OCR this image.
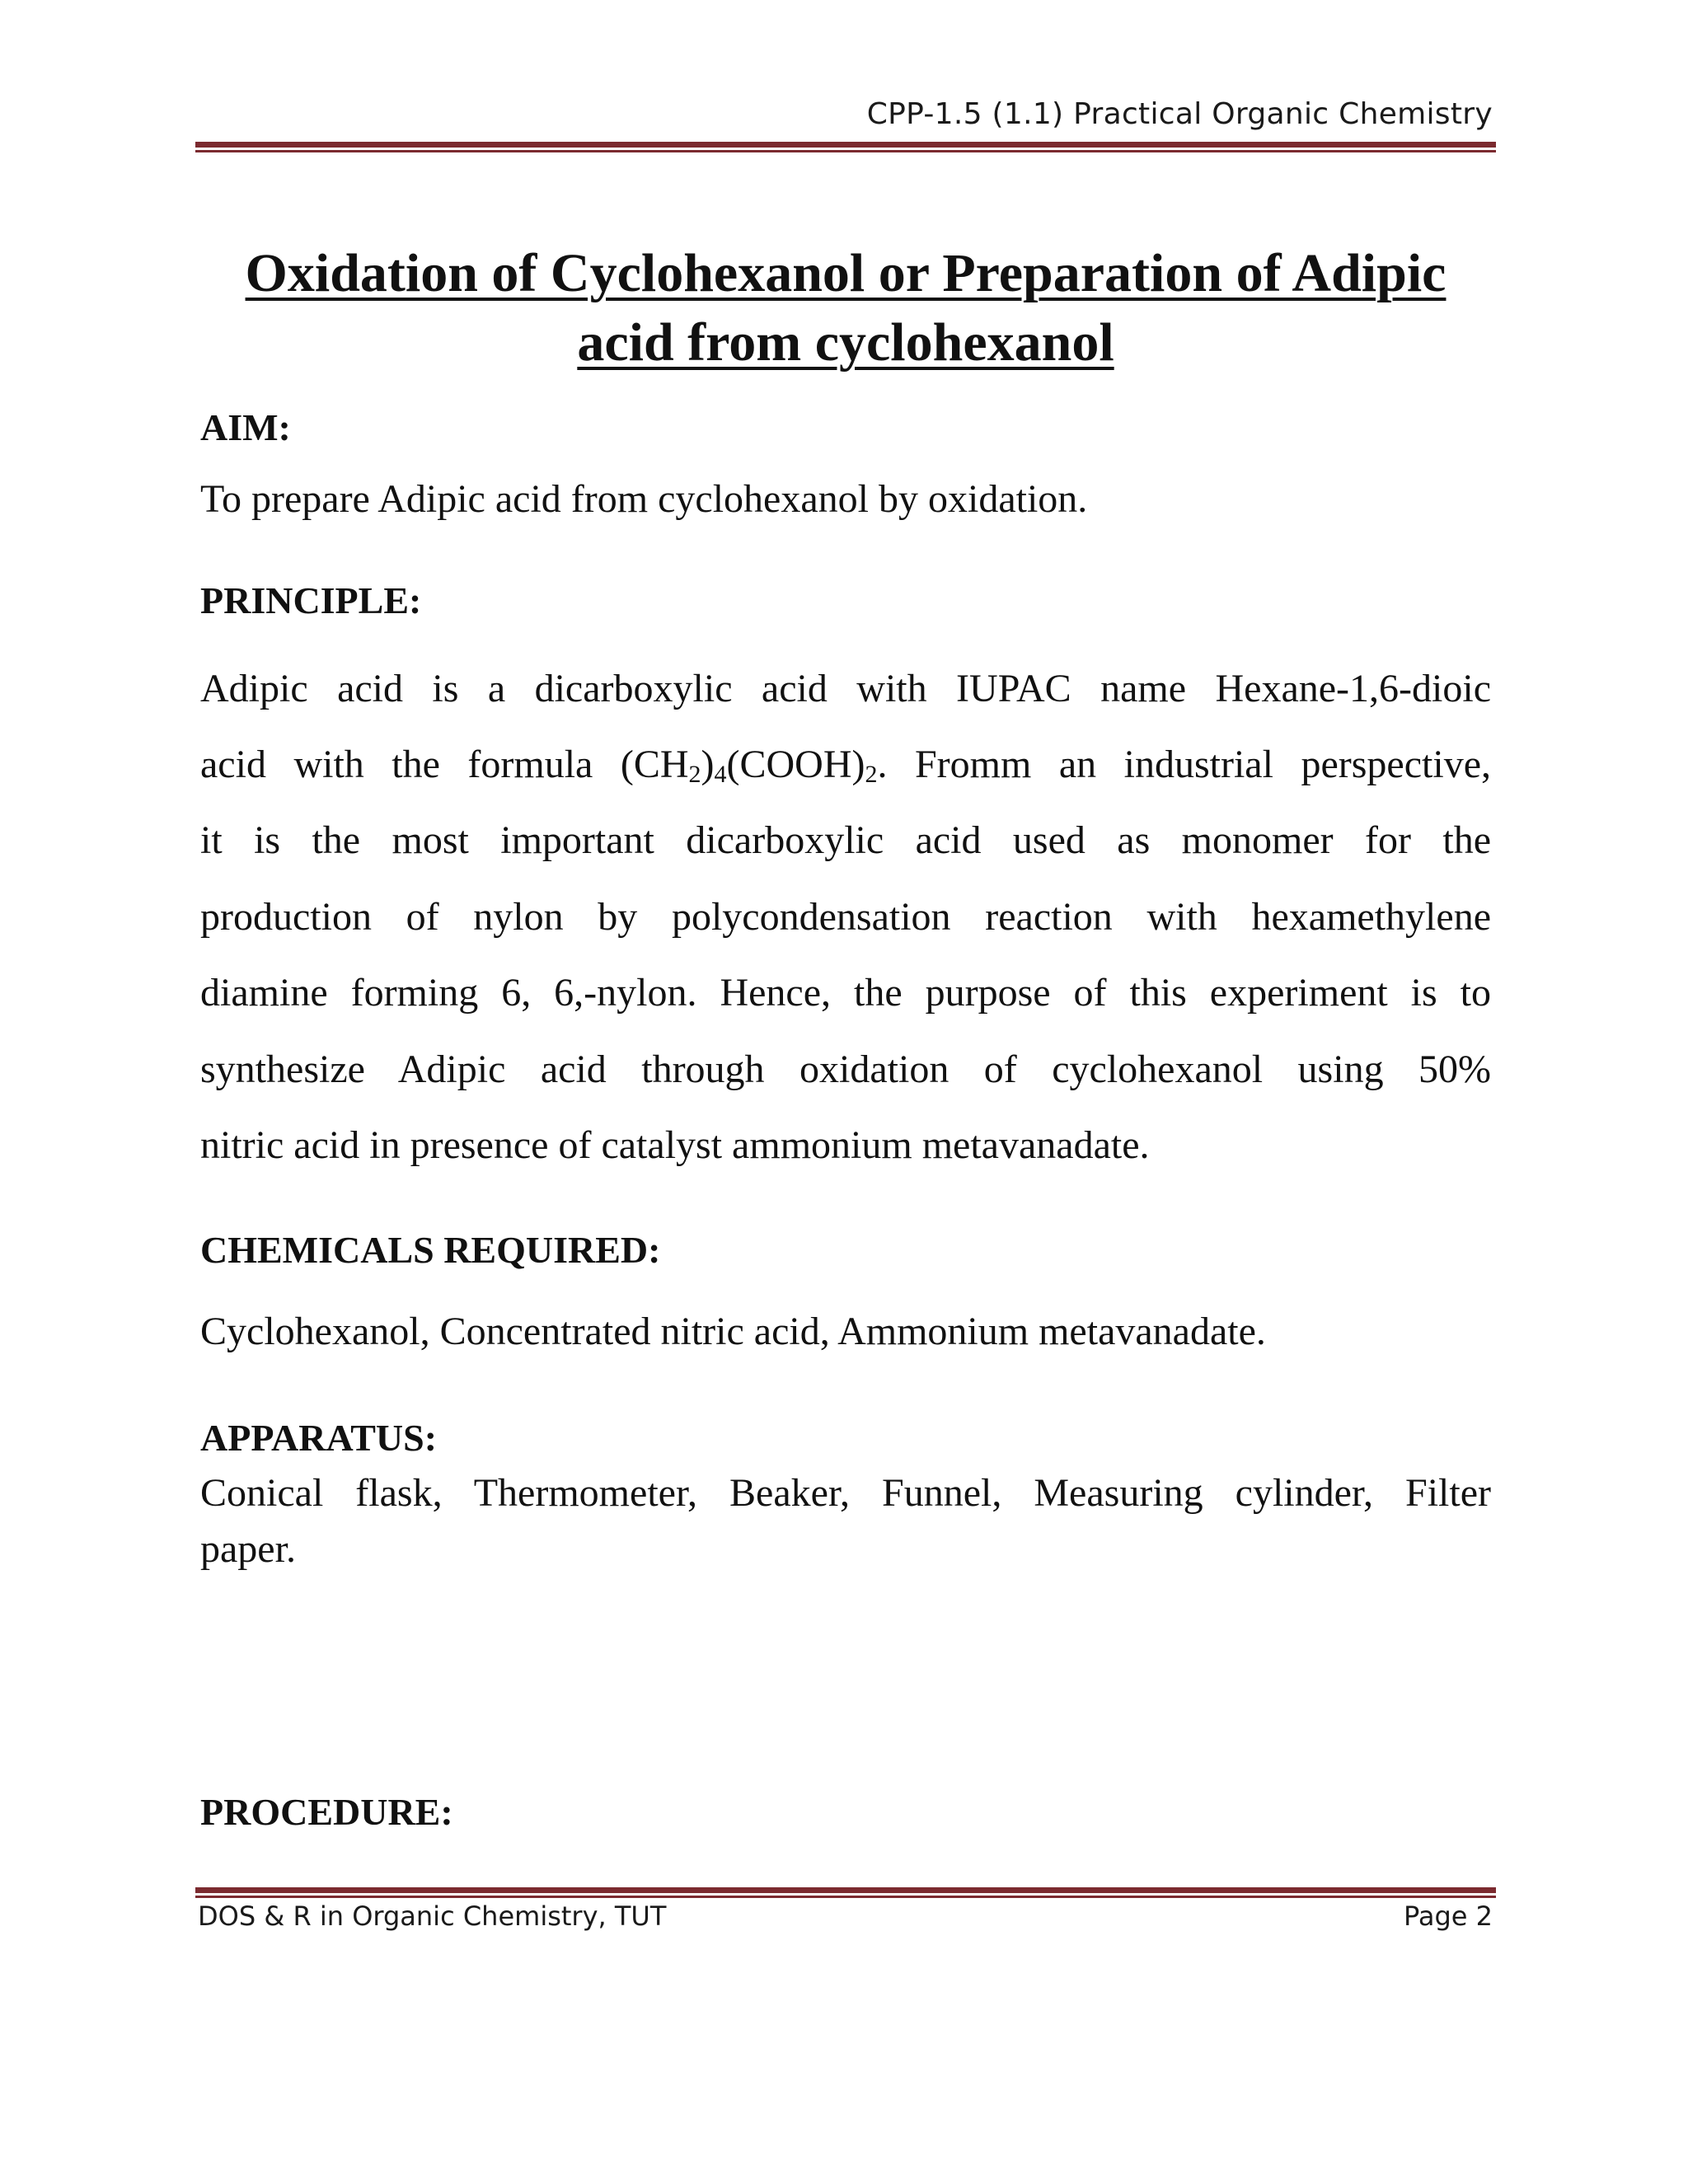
CPP-1.5 (1.1) Practical Organic Chemistry
Oxidation of Cyclohexanol or Preparation of Adipic
acid from cyclohexanol
AIM:
To prepare Adipic acid from cyclohexanol by oxidation.
PRINCIPLE:
Adipic acid is a dicarboxylic acid with IUPAC name Hexane-1,6-dioic
acid with the formula $(CH_2)_4(COOH)_2$. Fromm an industrial perspective,
it is the most important dicarboxylic acid used as monomer for the
production of nylon by polycondensation reaction with hexamethylene
diamine forming 6, 6,-nylon. Hence, the purpose of this experiment is to
synthesize Adipic acid through oxidation of cyclohexanol using 50%
nitric acid in presence of catalyst ammonium metavanadate.
CHEMICALS REQUIRED:
Cyclohexanol, Concentrated nitric acid, Ammonium metavanadate.
APPARATUS:
Conical flask, Thermometer, Beaker, Funnel, Measuring cylinder, Filter
paper.
PROCEDURE:
DOS & R in Organic Chemistry, TUT	Page 2
